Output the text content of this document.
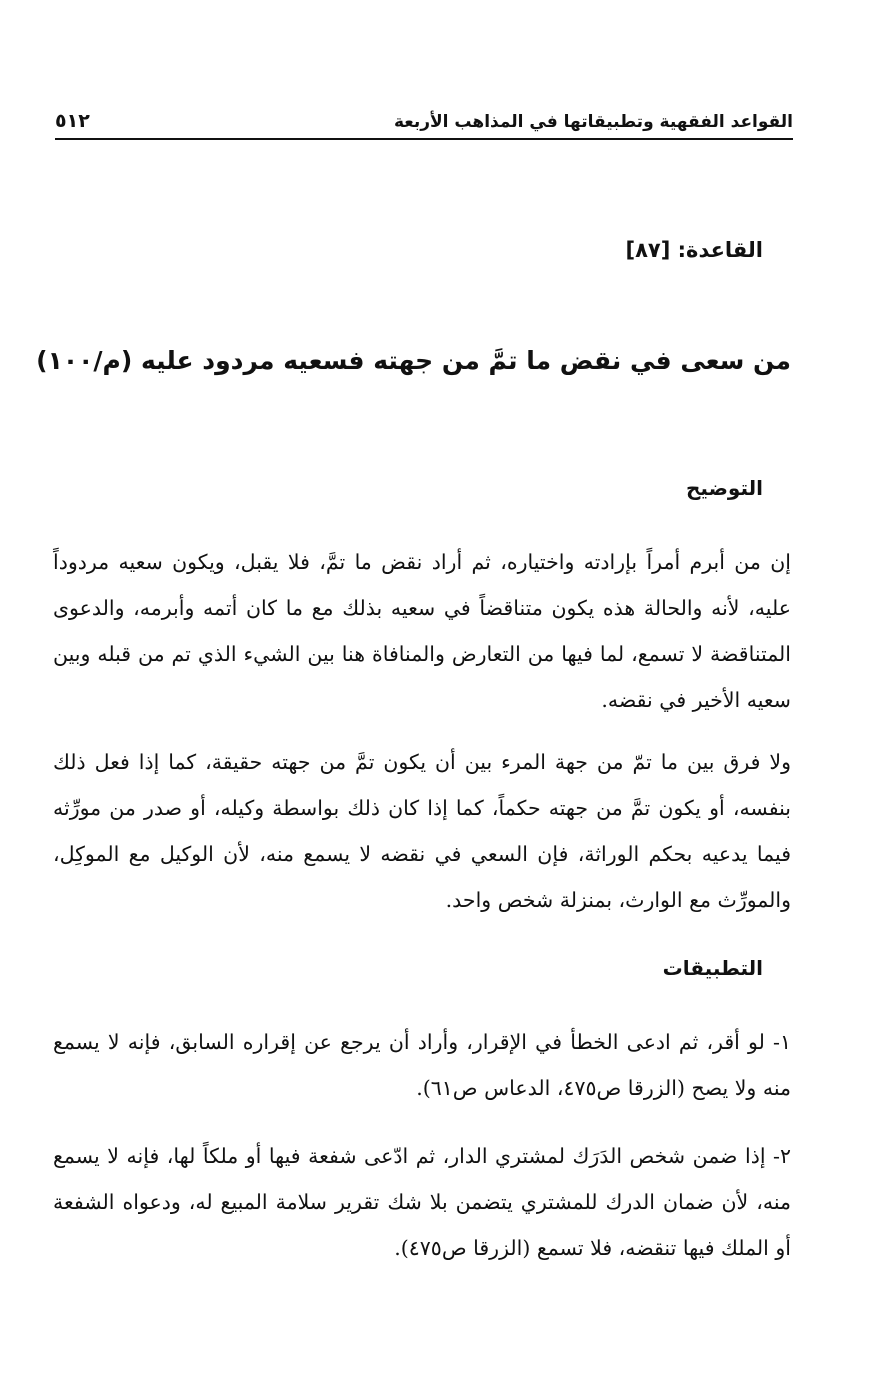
القواعد الفقهية وتطبيقاتها في المذاهب الأربعة
٥١٢
القاعدة: [٨٧]
من سعى في نقض ما تمَّ من جهته فسعيه مردود عليه (م/١٠٠)
التوضيح
إن من أبرم أمراً بإرادته واختياره، ثم أراد نقض ما تمَّ، فلا يقبل، ويكون سعيه مردوداً عليه، لأنه والحالة هذه يكون متناقضاً في سعيه بذلك مع ما كان أتمه وأبرمه، والدعوى المتناقضة لا تسمع، لما فيها من التعارض والمنافاة هنا بين الشيء الذي تم من قبله وبين سعيه الأخير في نقضه.
ولا فرق بين ما تمّ من جهة المرء بين أن يكون تمَّ من جهته حقيقة، كما إذا فعل ذلك بنفسه، أو يكون تمَّ من جهته حكماً، كما إذا كان ذلك بواسطة وكيله، أو صدر من مورِّثه فيما يدعيه بحكم الوراثة، فإن السعي في نقضه لا يسمع منه، لأن الوكيل مع الموكِل، والمورِّث مع الوارث، بمنزلة شخص واحد.
التطبيقات
١- لو أقر، ثم ادعى الخطأ في الإقرار، وأراد أن يرجع عن إقراره السابق، فإنه لا يسمع منه ولا يصح (الزرقا ص٤٧٥، الدعاس ص٦١).
٢- إذا ضمن شخص الدَرَك لمشتري الدار، ثم ادّعى شفعة فيها أو ملكاً لها، فإنه لا يسمع منه، لأن ضمان الدرك للمشتري يتضمن بلا شك تقرير سلامة المبيع له، ودعواه الشفعة أو الملك فيها تنقضه، فلا تسمع (الزرقا ص٤٧٥).
